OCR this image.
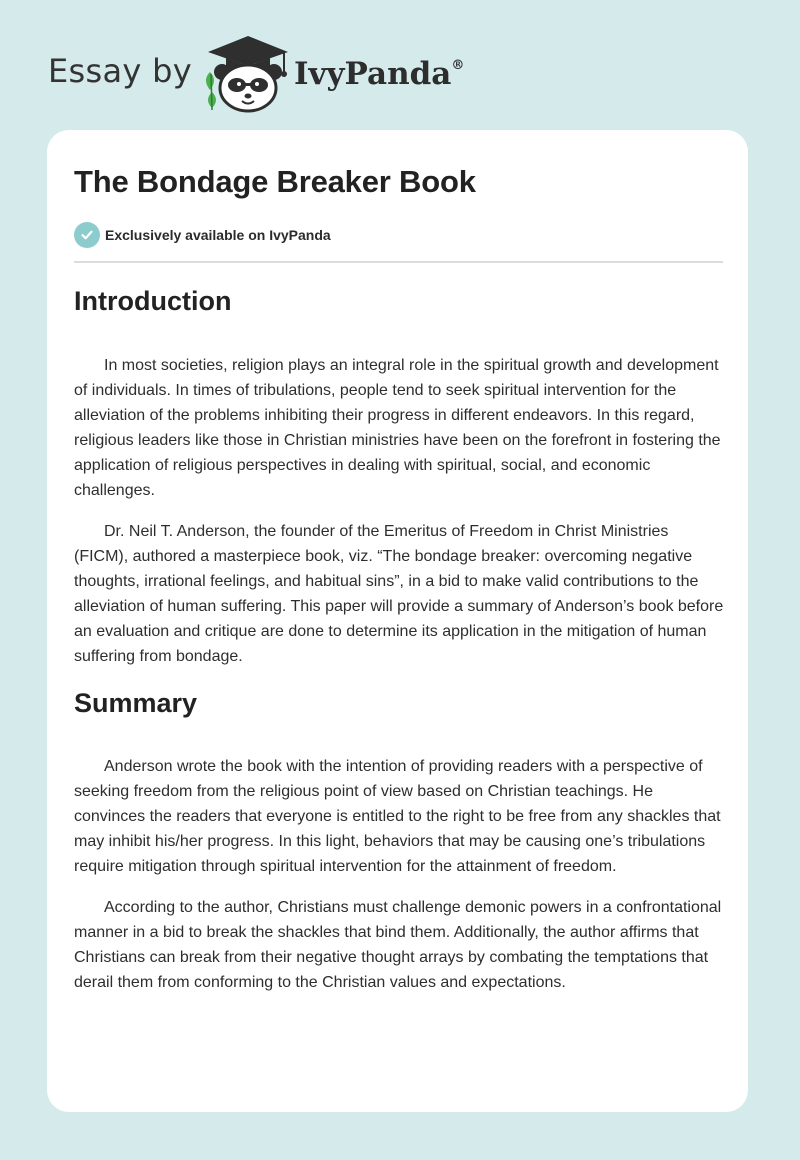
Essay by	IvyPanda®
The Bondage Breaker Book
Exclusively available on IvyPanda
Introduction

In most societies, religion plays an integral role in the spiritual growth and development of individuals. In times of tribulations, people tend to seek spiritual intervention for the alleviation of the problems inhibiting their progress in different endeavors. In this regard, religious leaders like those in Christian ministries have been on the forefront in fostering the application of religious perspectives in dealing with spiritual, social, and economic challenges.

Dr. Neil T. Anderson, the founder of the Emeritus of Freedom in Christ Ministries (FICM), authored a masterpiece book, viz. “The bondage breaker: overcoming negative thoughts, irrational feelings, and habitual sins”, in a bid to make valid contributions to the alleviation of human suffering. This paper will provide a summary of Anderson’s book before an evaluation and critique are done to determine its application in the mitigation of human suffering from bondage.

Summary

Anderson wrote the book with the intention of providing readers with a perspective of seeking freedom from the religious point of view based on Christian teachings. He convinces the readers that everyone is entitled to the right to be free from any shackles that may inhibit his/her progress. In this light, behaviors that may be causing one’s tribulations require mitigation through spiritual intervention for the attainment of freedom.

According to the author, Christians must challenge demonic powers in a confrontational manner in a bid to break the shackles that bind them. Additionally, the author affirms that Christians can break from their negative thought arrays by combating the temptations that derail them from conforming to the Christian values and expectations.
